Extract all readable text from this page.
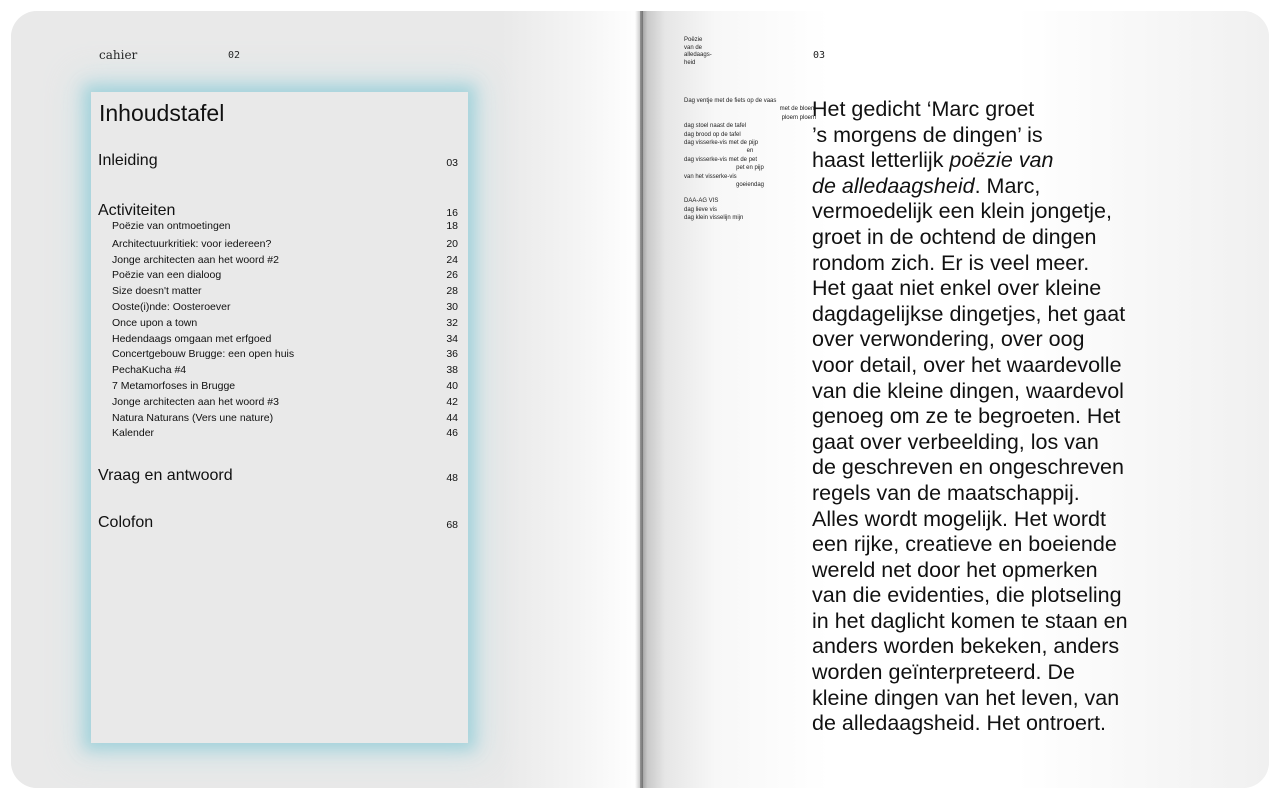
cahier	02
Inhoudstafel
Inleiding	03
Activiteiten	16
Poëzie van ontmoetingen	18
Architectuurkritiek: voor iedereen?	20
Jonge architecten aan het woord #2	24
Poëzie van een dialoog	26
Size doesn't matter	28
Ooste(i)nde: Oosteroever	30
Once upon a town	32
Hedendaags omgaan met erfgoed	34
Concertgebouw Brugge: een open huis	36
PechaKucha #4	38
7 Metamorfoses in Brugge	40
Jonge architecten aan het woord #3	42
Natura Naturans (Vers une nature)	44
Kalender	46
Vraag en antwoord	48
Colofon	68
Poëzie
van de
alledaags-
heid
03
Dag ventje met de fiets op de vaas
met de bloem
ploem ploem
dag stoel naast de tafel
dag brood op de tafel
dag visserke-vis met de pijp
en
dag visserke-vis met de pet
pet en pijp
van het visserke-vis
goeiendag
DAA-AG VIS
dag lieve vis
dag klein visselijn mijn
Het gedicht ‘Marc groet
’s morgens de dingen’ is
haast letterlijk poëzie van
de alledaagsheid. Marc,
vermoedelijk een klein jongetje,
groet in de ochtend de dingen
rondom zich. Er is veel meer.
Het gaat niet enkel over kleine
dagdagelijkse dingetjes, het gaat
over verwondering, over oog
voor detail, over het waardevolle
van die kleine dingen, waardevol
genoeg om ze te begroeten. Het
gaat over verbeelding, los van
de geschreven en ongeschreven
regels van de maatschappij.
Alles wordt mogelijk. Het wordt
een rijke, creatieve en boeiende
wereld net door het opmerken
van die evidenties, die plotseling
in het daglicht komen te staan en
anders worden bekeken, anders
worden geïnterpreteerd. De
kleine dingen van het leven, van
de alledaagsheid. Het ontroert.
